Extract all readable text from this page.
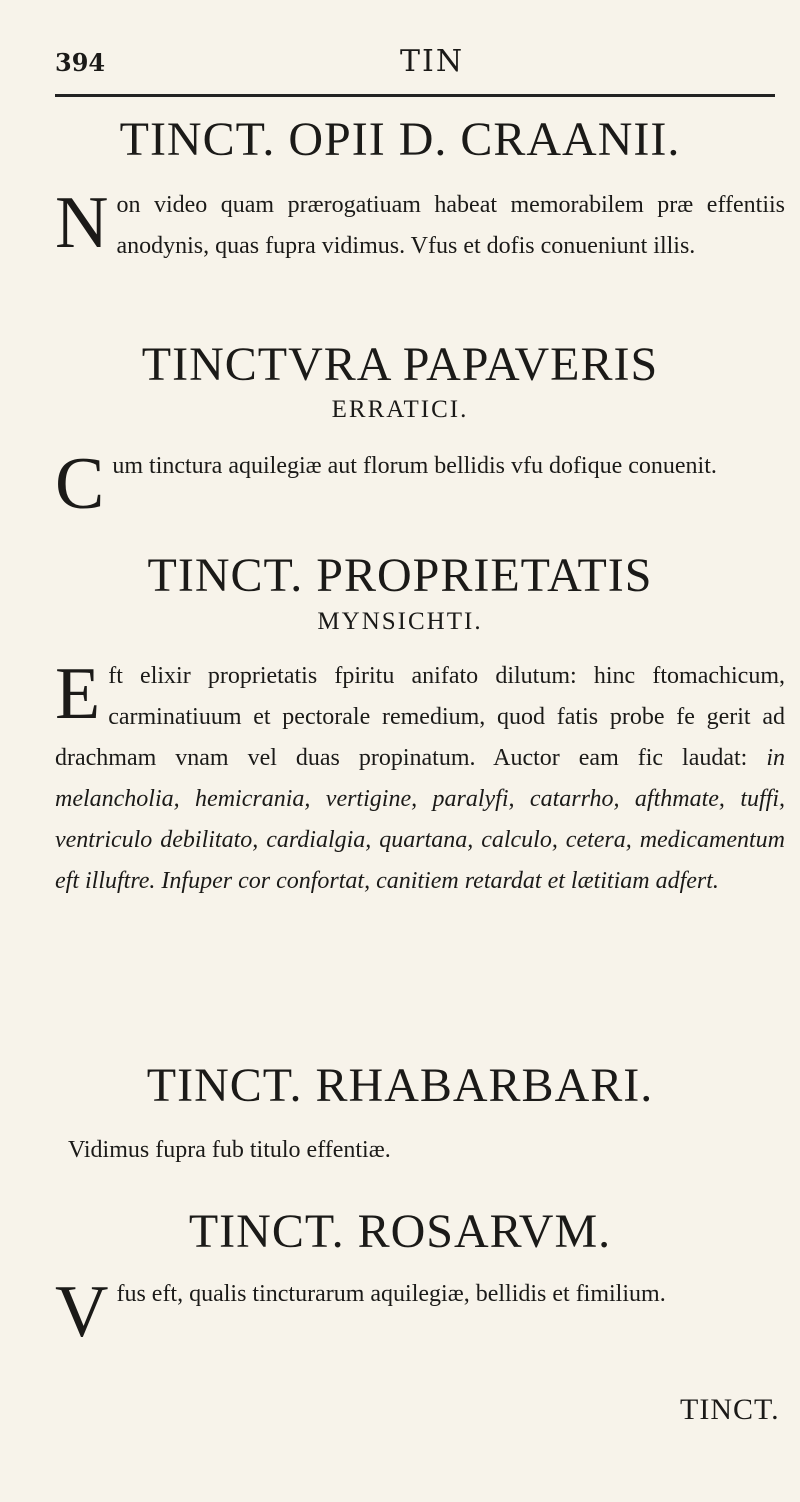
394	TIN
TINCT. OPII D. CRAANII.

Non video quam prærogatiuam habeat memorabilem præ effentiis anodynis, quas fupra vidimus. Vfus et dofis conueniunt illis.

TINCTVRA PAPAVERIS
ERRATICI.

Cum tinctura aquilegiæ aut florum bellidis vfu dofique conuenit.

TINCT. PROPRIETATIS
MYNSICHTI.

Eft elixir proprietatis fpiritu anifato dilutum: hinc ftomachicum, carminatiuum et pectorale remedium, quod fatis probe fe gerit ad drachmam vnam vel duas propinatum. Auctor eam fic laudat: in melancholia, hemicrania, vertigine, paralyfi, catarrho, afthmate, tuffi, ventriculo debilitato, cardialgia, quartana, calculo, cetera, medicamentum eft illuftre. Infuper cor confortat, canitiem retardat et lætitiam adfert.

TINCT. RHABARBARI.

Vidimus fupra fub titulo effentiæ.

TINCT. ROSARVM.

Vfus eft, qualis tincturarum aquilegiæ, bellidis et fimilium.

TINCT.
